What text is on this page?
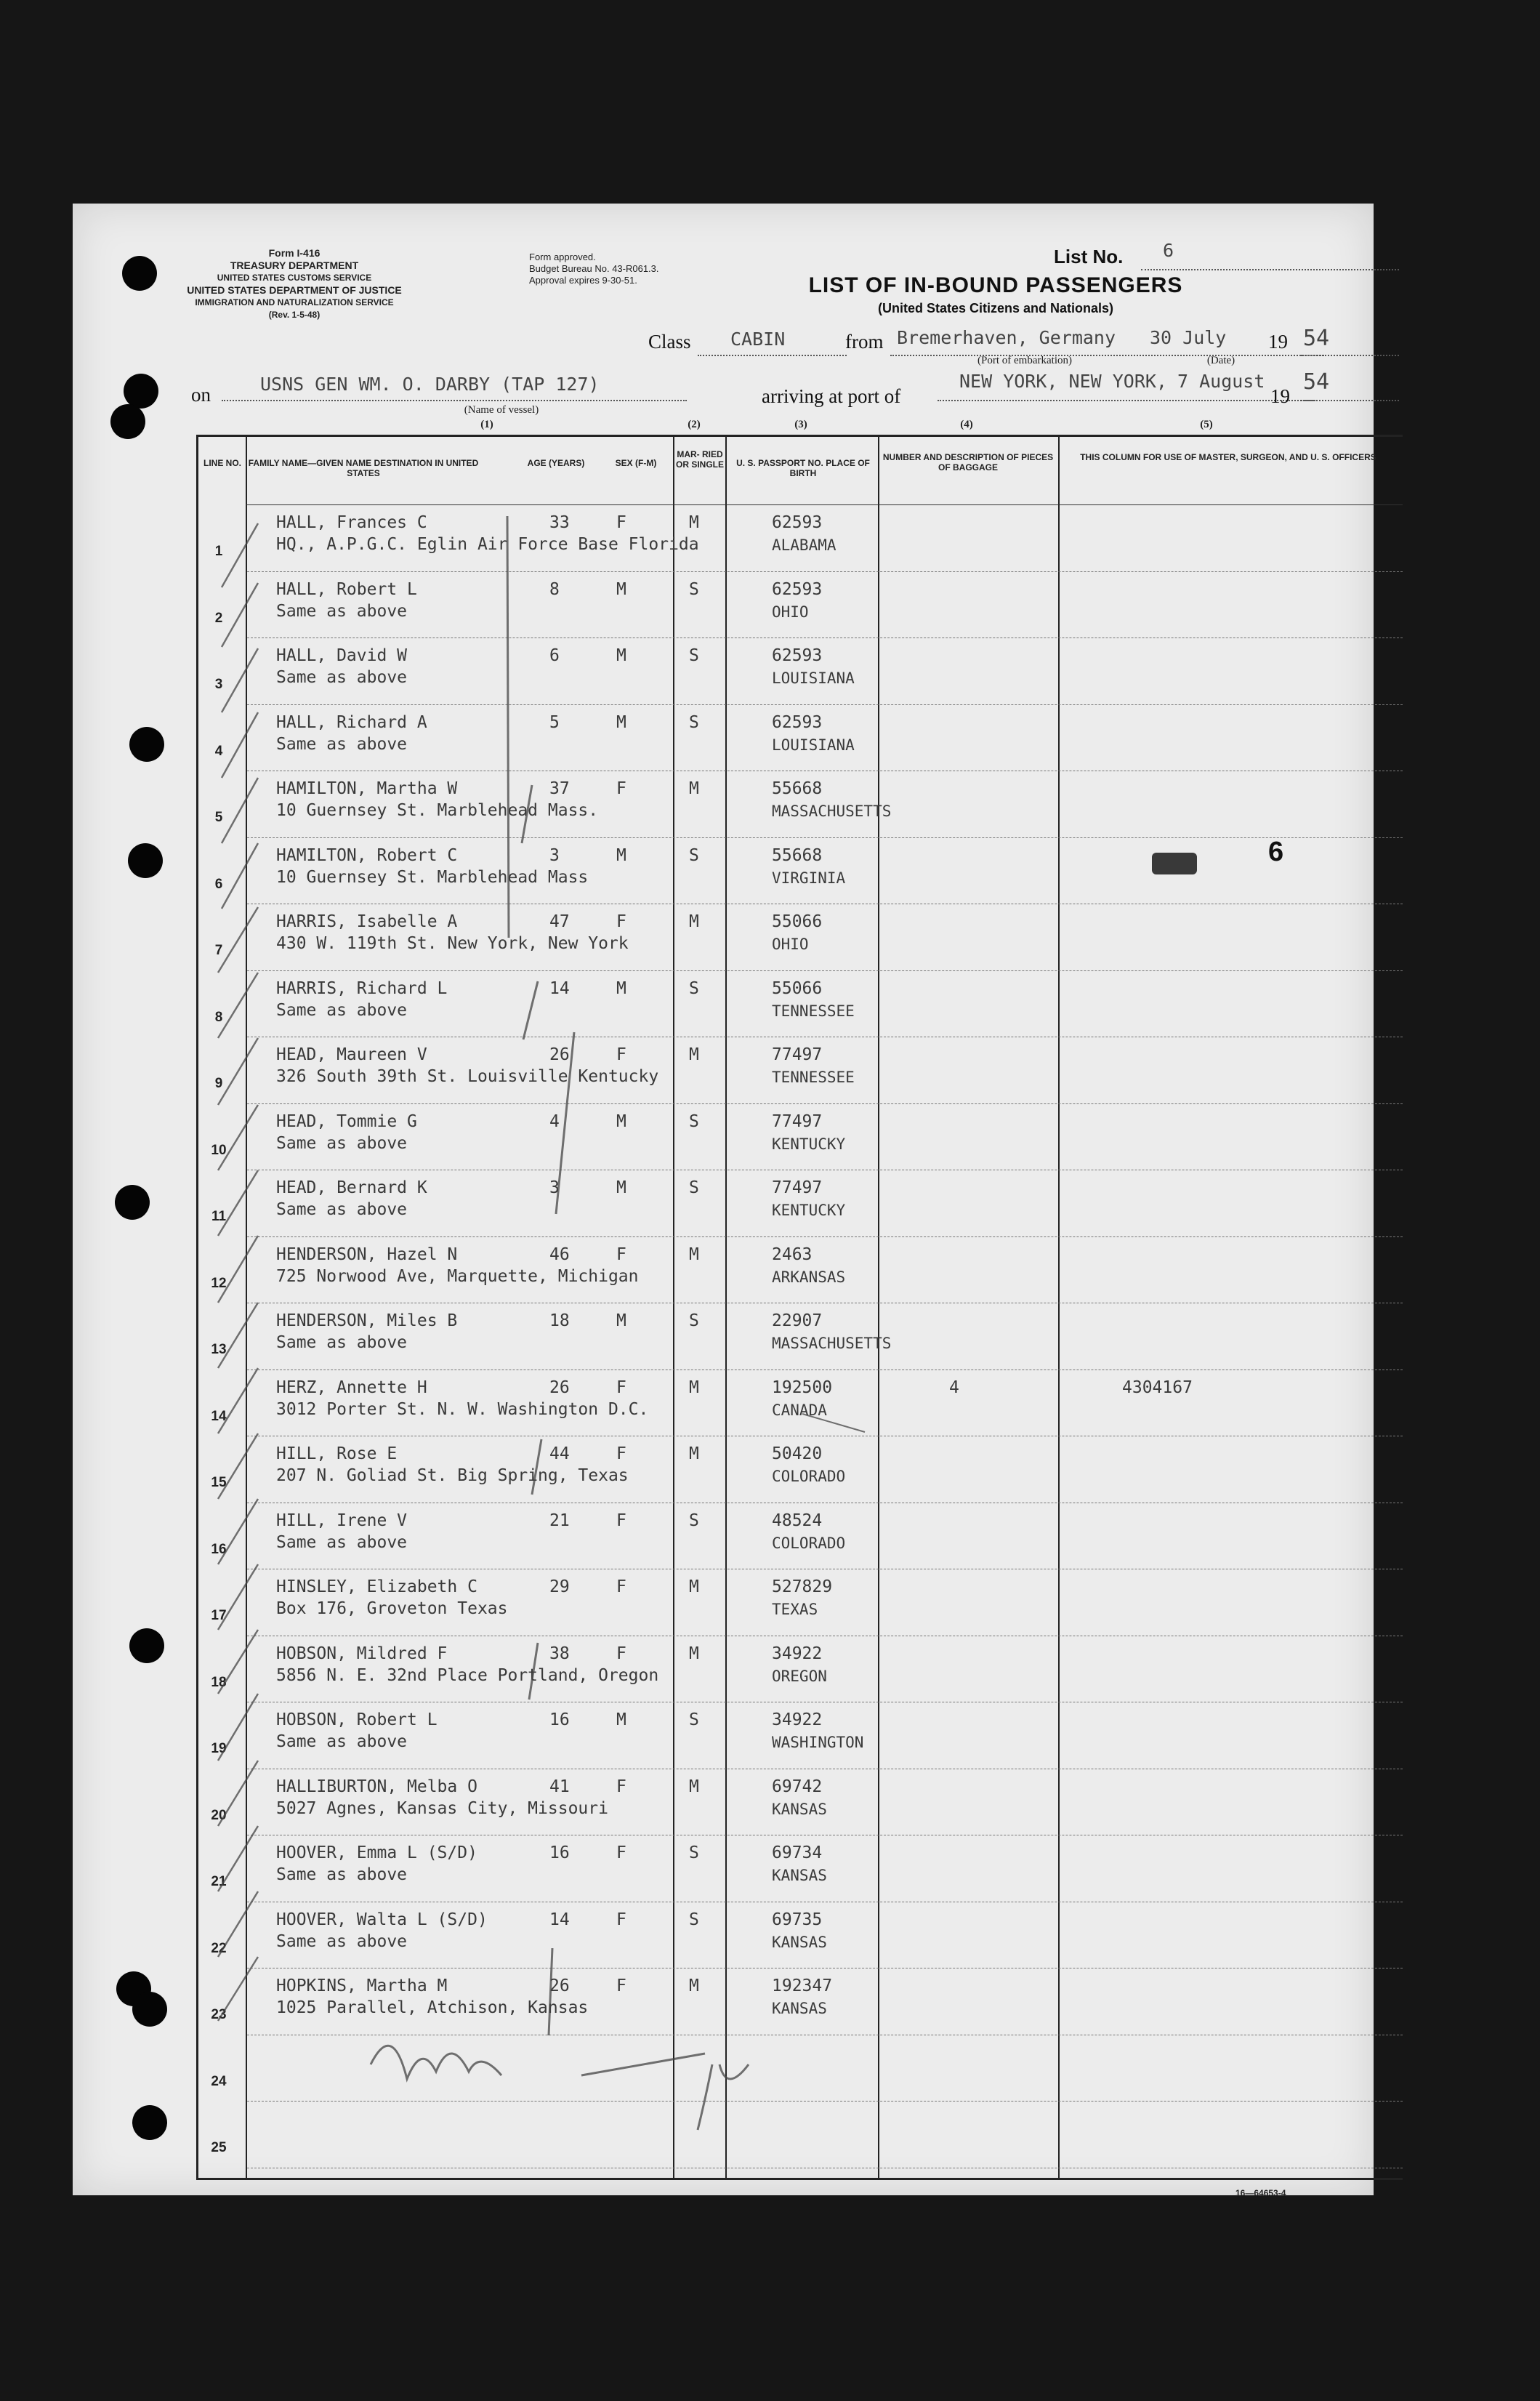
Form I-416
TREASURY DEPARTMENT
UNITED STATES CUSTOMS SERVICE
UNITED STATES DEPARTMENT OF JUSTICE
IMMIGRATION AND NATURALIZATION SERVICE
(Rev. 1-5-48)
Form approved.
Budget Bureau No. 43-R061.3.
Approval expires 9-30-51.
List No. 6
LIST OF IN-BOUND PASSENGERS
(United States Citizens and Nationals)
Class CABIN	from Bremerhaven, Germany 30 July 19 54
(Port of embarkation)	(Date)
on	USNS GEN WM. O. DARBY (TAP 127)
arriving at port of
NEW YORK, NEW YORK, 7 August
19
54
(Name of vessel)
(1)	(2)	(3)	(4)	(5)
LINE NO. FAMILY NAME—GIVEN NAME DESTINATION IN UNITED STATES
AGE (YEARS)	SEX (F-M)
MAR- RIED OR SINGLE U. S. PASSPORT NO. PLACE OF BIRTH
NUMBER AND DESCRIPTION OF PIECES OF BAGGAGE
THIS COLUMN FOR USE OF MASTER, SURGEON, AND U. S. OFFICERS
1
HALL, Frances C
HQ., A.P.G.C. Eglin Air Force Base Florida
33	F	M	62593
ALABAMA
2
HALL, Robert L
Same as above
8	M	S	62593
OHIO
3
HALL, David W
Same as above
6	M	S	62593
LOUISIANA
4
HALL, Richard A
Same as above
5	M	S	62593
LOUISIANA
5
HAMILTON, Martha W
10 Guernsey St. Marblehead Mass.
37	F	M	55668
MASSACHUSETTS
6
HAMILTON, Robert C
10 Guernsey St. Marblehead Mass
3	M	S	55668
VIRGINIA
6
7
HARRIS, Isabelle A
430 W. 119th St. New York, New York
47	F	M	55066
OHIO
8
HARRIS, Richard L
Same as above
14	M	S	55066
TENNESSEE
9
HEAD, Maureen V
326 South 39th St. Louisville Kentucky
26	F	M	77497
TENNESSEE
10
HEAD, Tommie G
Same as above
4	M	S	77497
KENTUCKY
11
HEAD, Bernard K
Same as above
3	M	S	77497
KENTUCKY
12
HENDERSON, Hazel N
725 Norwood Ave, Marquette, Michigan
46	F	M	2463
ARKANSAS
13
HENDERSON, Miles B
Same as above
18	M	S	22907
MASSACHUSETTS
14
HERZ, Annette H
3012 Porter St. N. W. Washington D.C.
26	F	M	192500
CANADA
4	4304167
15
HILL, Rose E
207 N. Goliad St. Big Spring, Texas
44	F	M	50420
COLORADO
16
HILL, Irene V
Same as above
21	F	S	48524
COLORADO
17
HINSLEY, Elizabeth C
Box 176, Groveton Texas
29	F	M	527829
TEXAS
18
HOBSON, Mildred F
5856 N. E. 32nd Place Portland, Oregon
38	F	M	34922
OREGON
19
HOBSON, Robert L
Same as above
16	M	S	34922
WASHINGTON
20
HALLIBURTON, Melba O
5027 Agnes, Kansas City, Missouri
41	F	M	69742
KANSAS
21
HOOVER, Emma L (S/D)
Same as above
16	F	S	69734
KANSAS
22
HOOVER, Walta L (S/D)
Same as above
14	F	S	69735
KANSAS
23
HOPKINS, Martha M
1025 Parallel, Atchison, Kansas
26	F	M	192347
KANSAS
24
25
16—64653-4
